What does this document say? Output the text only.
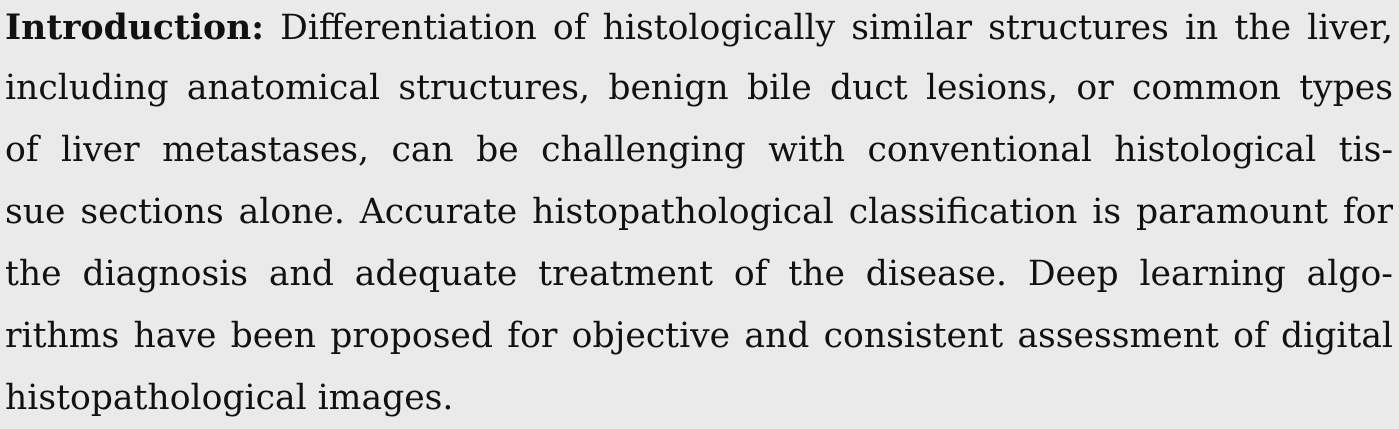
Introduction: Differentiation of histologically similar structures in the liver,
including anatomical structures, benign bile duct lesions, or common types
of liver metastases, can be challenging with conventional histological tis-
sue sections alone. Accurate histopathological classification is paramount for
the diagnosis and adequate treatment of the disease. Deep learning algo-
rithms have been proposed for objective and consistent assessment of digital
histopathological images.
